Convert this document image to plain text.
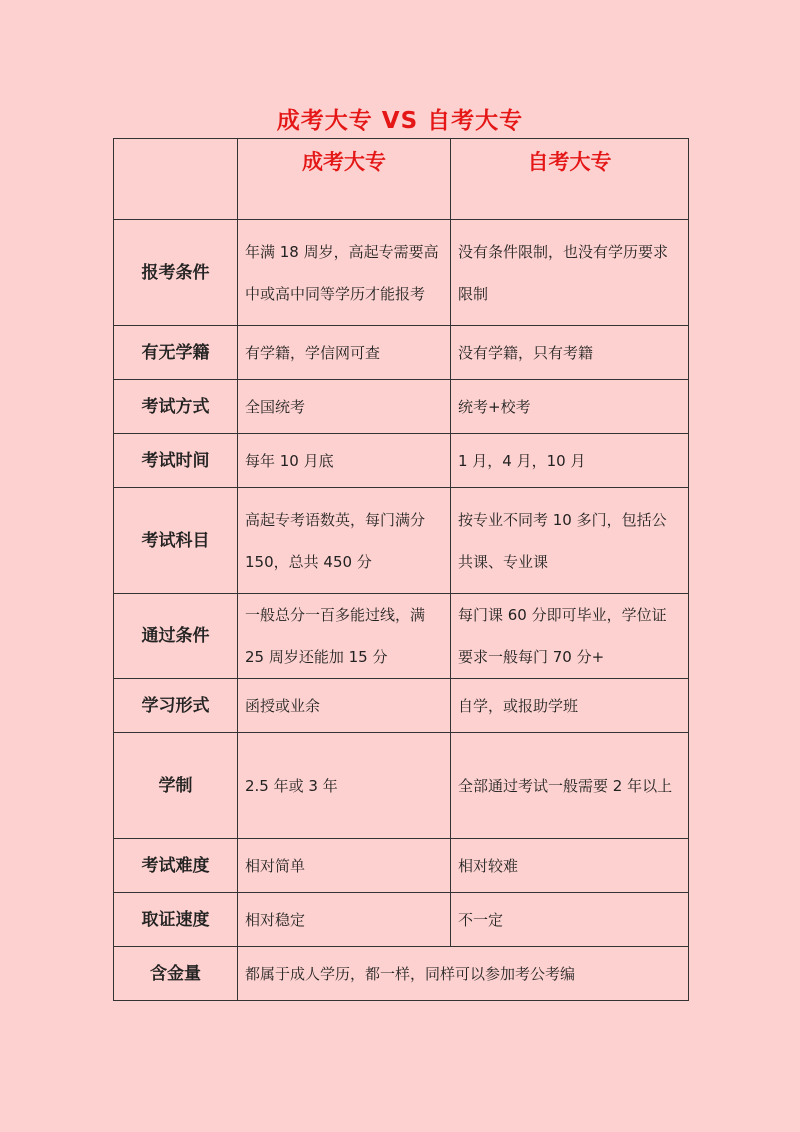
成考大专 VS 自考大专
	成考大专	自考大专
报考条件	年满 18 周岁，高起专需要高中或高中同等学历才能报考	没有条件限制，也没有学历要求限制
有无学籍	有学籍，学信网可查	没有学籍，只有考籍
考试方式	全国统考	统考+校考
考试时间	每年 10 月底	1 月，4 月，10 月
考试科目	高起专考语数英，每门满分150，总共 450 分	按专业不同考 10 多门，包括公共课、专业课
通过条件	一般总分一百多能过线，满25 周岁还能加 15 分	每门课 60 分即可毕业，学位证要求一般每门 70 分+
学习形式	函授或业余	自学，或报助学班
学制	2.5 年或 3 年	全部通过考试一般需要 2 年以上
考试难度	相对简单	相对较难
取证速度	相对稳定	不一定
含金量	都属于成人学历，都一样，同样可以参加考公考编	
